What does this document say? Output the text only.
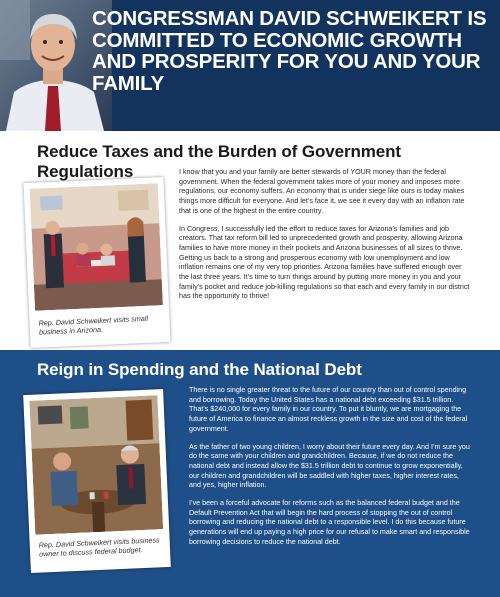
CONGRESSMAN DAVID SCHWEIKERT IS COMMITTED TO ECONOMIC GROWTH AND PROSPERITY FOR YOU AND YOUR FAMILY
Reduce Taxes and the Burden of Government Regulations
Rep. David Schweikert visits small business in Arizona.

I know that you and your family are better stewards of YOUR money than the federal government. When the federal government takes more of your money and imposes more regulations, our economy suffers. An economy that is under siege like ours is today makes things more difficult for everyone. And let’s face it, we see it every day with an inflation rate that is one of the highest in the entire country.

In Congress, I successfully led the effort to reduce taxes for Arizona’s families and job creators. That tax reform bill led to unprecedented growth and prosperity, allowing Arizona families to have more money in their pockets and Arizona businesses of all sizes to thrive. Getting us back to a strong and prosperous economy with low unemployment and low inflation remains one of my very top priorities. Arizona families have suffered enough over the last three years. It’s time to turn things around by putting more money in you and your family’s pocket and reduce job-killing regulations so that each and every family in our district has the opportunity to thrive!

Reign in Spending and the National Debt
Rep. David Schweikert visits business owner to discuss federal budget.

There is no single greater threat to the future of our country than out of control spending and borrowing. Today the United States has a national debt exceeding $31.5 trillion. That’s $240,000 for every family in our country. To put it bluntly, we are mortgaging the future of America to finance an almost reckless growth in the size and cost of the federal government.

As the father of two young children, I worry about their future every day. And I’m sure you do the same with your children and grandchildren. Because, if we do not reduce the national debt and instead allow the $31.5 trillion debt to continue to grow exponentially, our children and grandchildren will be saddled with higher taxes, higher interest rates, and yes, higher inflation.

I’ve been a forceful advocate for reforms such as the balanced federal budget and the Default Prevention Act that will begin the hard process of stopping the out of control borrowing and reducing the national debt to a responsible level. I do this because future generations will end up paying a high price for our refusal to make smart and responsible borrowing decisions to reduce the national debt.
